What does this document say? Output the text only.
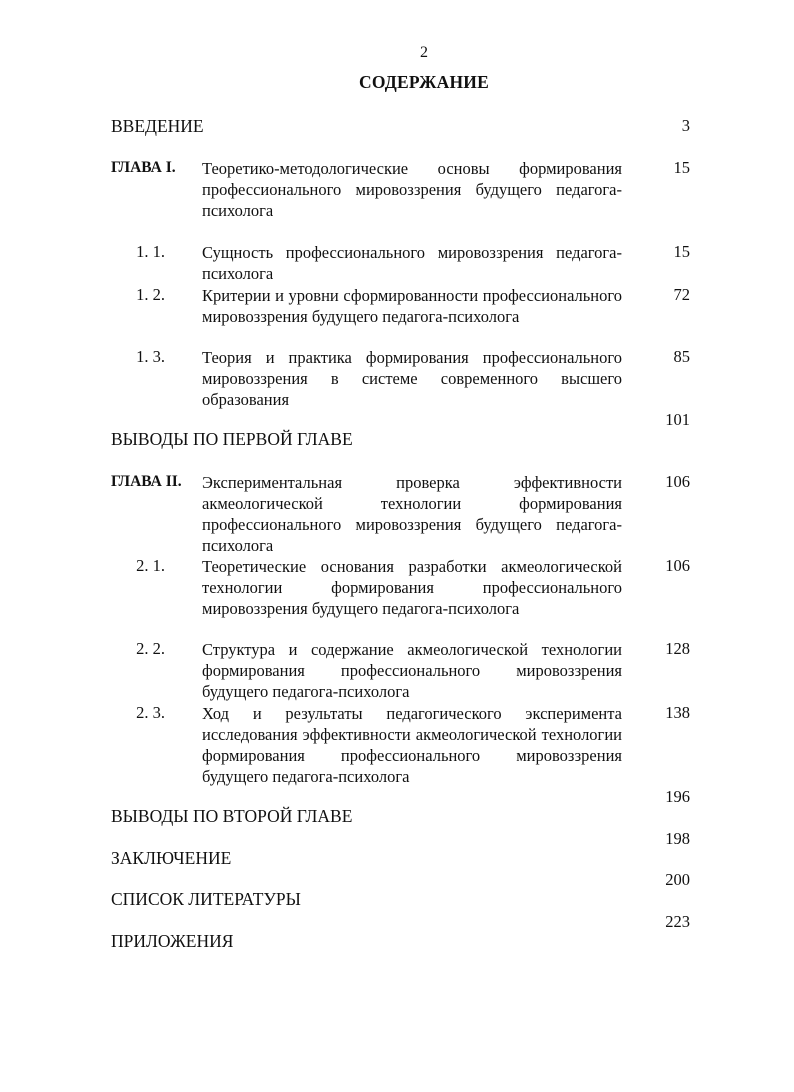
2
СОДЕРЖАНИЕ
ВВЕДЕНИЕ	3
ГЛАВА I. Теоретико-методологические основы формирования профессионального мировоззрения будущего педагога-психолога
15
1. 1. Сущность профессионального мировоззрения педагога-психолога
15
1. 2. Критерии и уровни сформированности профессионального мировоззрения будущего педагога-психолога
72
1. 3. Теория и практика формирования профессионального мировоззрения в системе современного высшего образования
85
101
ВЫВОДЫ ПО ПЕРВОЙ ГЛАВЕ
ГЛАВА II. Экспериментальная проверка эффективности акмеологической технологии формирования профессионального мировоззрения будущего педагога-психолога
106
2. 1. Теоретические основания разработки акмеологической технологии формирования профессионального мировоззрения будущего педагога-психолога
106
2. 2. Структура и содержание акмеологической технологии формирования профессионального мировоззрения будущего педагога-психолога
128
2. 3. Ход и результаты педагогического эксперимента исследования эффективности акмеологической технологии формирования профессионального мировоззрения будущего педагога-психолога
138
196
ВЫВОДЫ ПО ВТОРОЙ ГЛАВЕ
198
ЗАКЛЮЧЕНИЕ
200
СПИСОК ЛИТЕРАТУРЫ
223
ПРИЛОЖЕНИЯ
